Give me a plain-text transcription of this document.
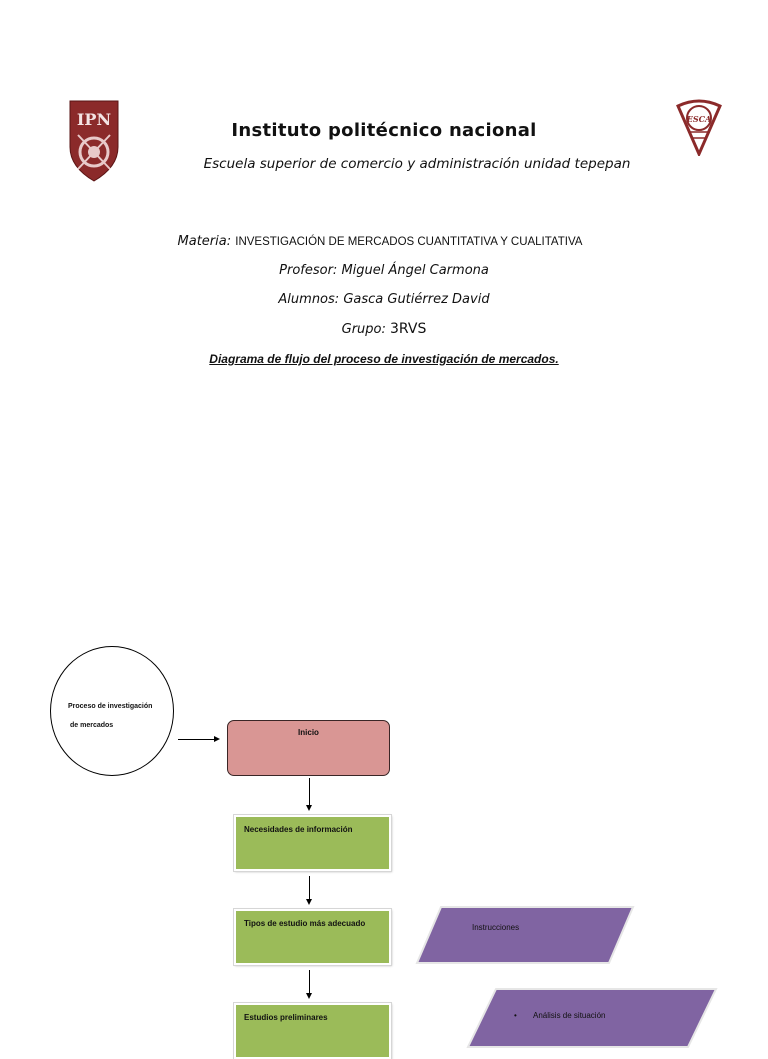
IPN	ESCA
Instituto politécnico nacional
Escuela superior de comercio y administración unidad tepepan
Materia: INVESTIGACIÓN DE MERCADOS CUANTITATIVA Y CUALITATIVA
Profesor: Miguel Ángel Carmona
Alumnos: Gasca Gutiérrez David
Grupo: 3RVS
Diagrama de flujo del proceso de investigación de mercados.
Proceso de investigación
de mercados
Inicio
Necesidades de información
Tipos de estudio más adecuado
Estudios preliminares
Instrucciones
• Análisis de situación
